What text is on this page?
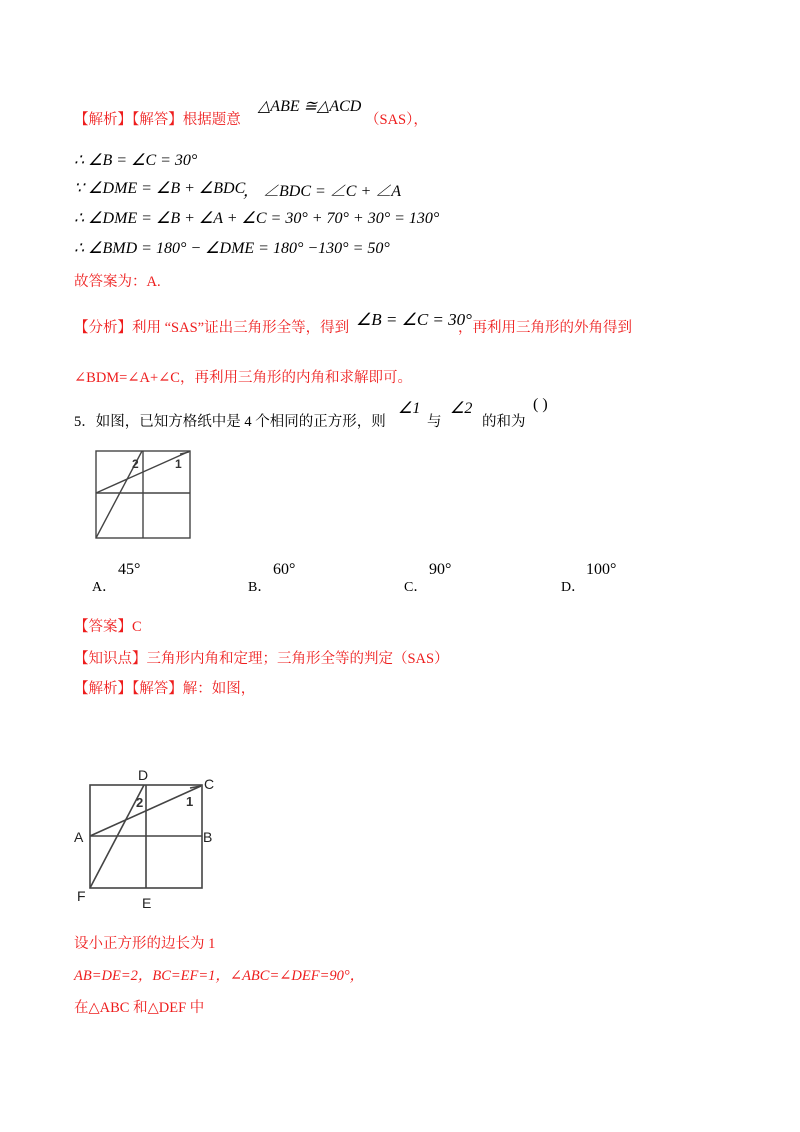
【解析】【解答】根据题意
△ABE ≅△ACD
（SAS），
∴ ∠B = ∠C = 30°
∵ ∠DME = ∠B + ∠BDC
， ∠BDC = ∠C + ∠A
∴ ∠DME = ∠B + ∠A + ∠C = 30° + 70° + 30° = 130°
∴ ∠BMD = 180° − ∠DME = 180° −130° = 50°
故答案为：A.
【分析】利用 “SAS”证出三角形全等，得到 ∠B = ∠C = 30°
，再利用三角形的外角得到
∠BDM=∠A+∠C，再利用三角形的内角和求解即可。
5．如图，已知方格纸中是 4 个相同的正方形，则
∠1
与
∠2
的和为
( )
2	1
A．
45°
B．
60°
C．
90°
D．
100°
【答案】C
【知识点】三角形内角和定理；三角形全等的判定（SAS）
【解析】【解答】解：如图，
D
C
A	B
F	E
2	1
设小正方形的边长为 1
AB=DE=2，BC=EF=1，∠ABC=∠DEF=90°，
在△ABC 和△DEF 中
